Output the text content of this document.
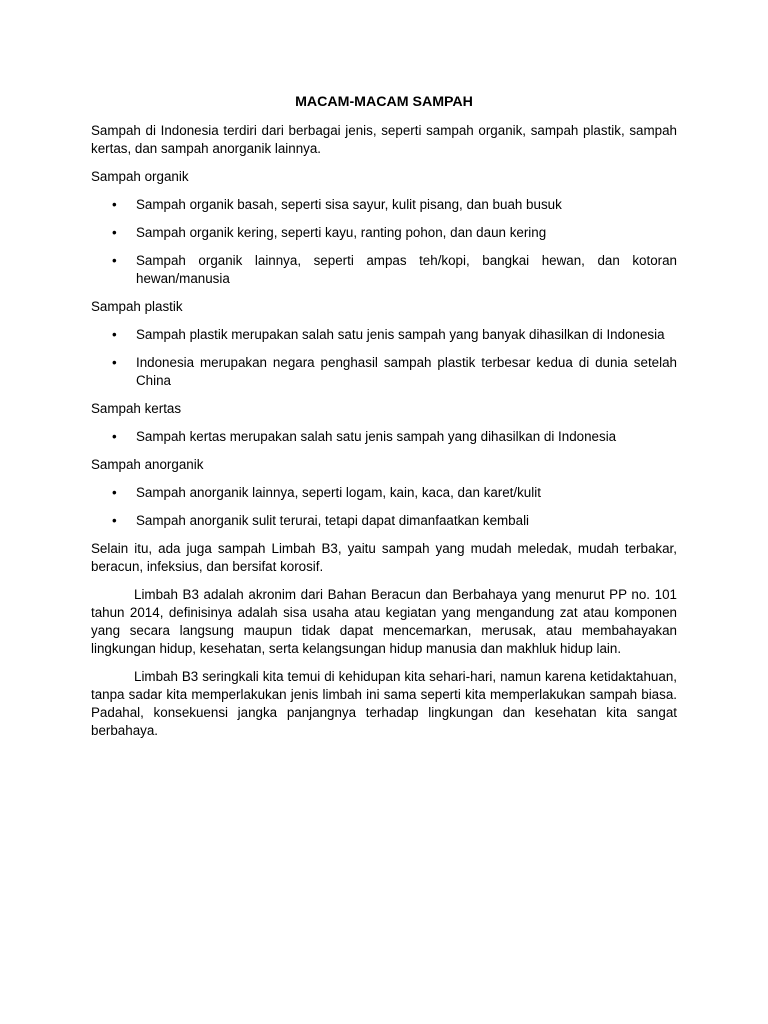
MACAM-MACAM SAMPAH

Sampah di Indonesia terdiri dari berbagai jenis, seperti sampah organik, sampah plastik, sampah kertas, dan sampah anorganik lainnya.

Sampah organik

• Sampah organik basah, seperti sisa sayur, kulit pisang, dan buah busuk
• Sampah organik kering, seperti kayu, ranting pohon, dan daun kering
• Sampah organik lainnya, seperti ampas teh/kopi, bangkai hewan, dan kotoran hewan/manusia

Sampah plastik

• Sampah plastik merupakan salah satu jenis sampah yang banyak dihasilkan di Indonesia
• Indonesia merupakan negara penghasil sampah plastik terbesar kedua di dunia setelah China

Sampah kertas

• Sampah kertas merupakan salah satu jenis sampah yang dihasilkan di Indonesia

Sampah anorganik

• Sampah anorganik lainnya, seperti logam, kain, kaca, dan karet/kulit
• Sampah anorganik sulit terurai, tetapi dapat dimanfaatkan kembali

Selain itu, ada juga sampah Limbah B3, yaitu sampah yang mudah meledak, mudah terbakar, beracun, infeksius, dan bersifat korosif.

Limbah B3 adalah akronim dari Bahan Beracun dan Berbahaya yang menurut PP no. 101 tahun 2014, definisinya adalah sisa usaha atau kegiatan yang mengandung zat atau komponen yang secara langsung maupun tidak dapat mencemarkan, merusak, atau membahayakan lingkungan hidup, kesehatan, serta kelangsungan hidup manusia dan makhluk hidup lain.

Limbah B3 seringkali kita temui di kehidupan kita sehari-hari, namun karena ketidaktahuan, tanpa sadar kita memperlakukan jenis limbah ini sama seperti kita memperlakukan sampah biasa. Padahal, konsekuensi jangka panjangnya terhadap lingkungan dan kesehatan kita sangat berbahaya.
